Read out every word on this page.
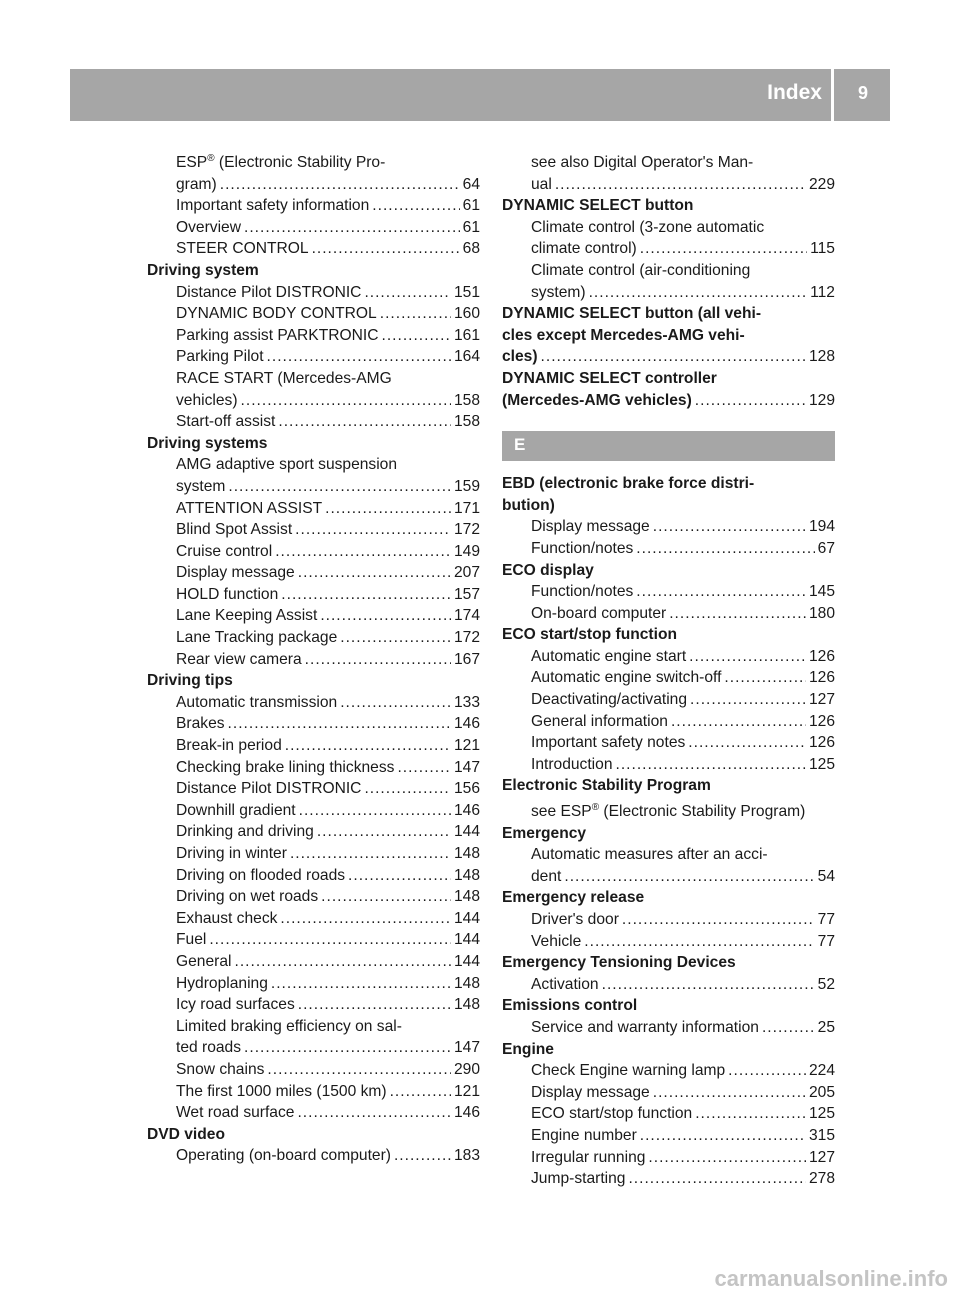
Index 9
ESP® (Electronic Stability Pro-
gram) .....	64
Important safety information .....	61
Overview .....	61
STEER CONTROL .....	68
Driving system
Distance Pilot DISTRONIC .....	151
DYNAMIC BODY CONTROL .....	160
Parking assist PARKTRONIC .....	161
Parking Pilot .....	164
RACE START (Mercedes-AMG
vehicles) .....	158
Start-off assist .....	158
Driving systems
AMG adaptive sport suspension
system .....	159
ATTENTION ASSIST .....	171
Blind Spot Assist .....	172
Cruise control .....	149
Display message .....	207
HOLD function .....	157
Lane Keeping Assist .....	174
Lane Tracking package .....	172
Rear view camera .....	167
Driving tips
Automatic transmission .....	133
Brakes .....	146
Break-in period .....	121
Checking brake lining thickness .....	147
Distance Pilot DISTRONIC .....	156
Downhill gradient .....	146
Drinking and driving .....	144
Driving in winter .....	148
Driving on flooded roads .....	148
Driving on wet roads .....	148
Exhaust check .....	144
Fuel .....	144
General .....	144
Hydroplaning .....	148
Icy road surfaces .....	148
Limited braking efficiency on sal-
ted roads .....	147
Snow chains .....	290
The first 1000 miles (1500 km) .....	121
Wet road surface .....	146
DVD video
Operating (on-board computer) .....	183
see also Digital Operator's Man-
ual .....	229
DYNAMIC SELECT button
Climate control (3-zone automatic
climate control) .....	115
Climate control (air-conditioning
system) .....	112
DYNAMIC SELECT button (all vehi-
cles except Mercedes-AMG vehi-
cles) .....	128
DYNAMIC SELECT controller
(Mercedes-AMG vehicles) .....	129
E
EBD (electronic brake force distri-
bution)
Display message .....	194
Function/notes .....	67
ECO display
Function/notes .....	145
On-board computer .....	180
ECO start/stop function
Automatic engine start .....	126
Automatic engine switch-off .....	126
Deactivating/activating .....	127
General information .....	126
Important safety notes .....	126
Introduction .....	125
Electronic Stability Program
see ESP® (Electronic Stability Program)
Emergency
Automatic measures after an acci-
dent .....	54
Emergency release
Driver's door .....	77
Vehicle .....	77
Emergency Tensioning Devices
Activation .....	52
Emissions control
Service and warranty information .....	25
Engine
Check Engine warning lamp .....	224
Display message .....	205
ECO start/stop function .....	125
Engine number .....	315
Irregular running .....	127
Jump-starting .....	278
carmanualsonline.info
